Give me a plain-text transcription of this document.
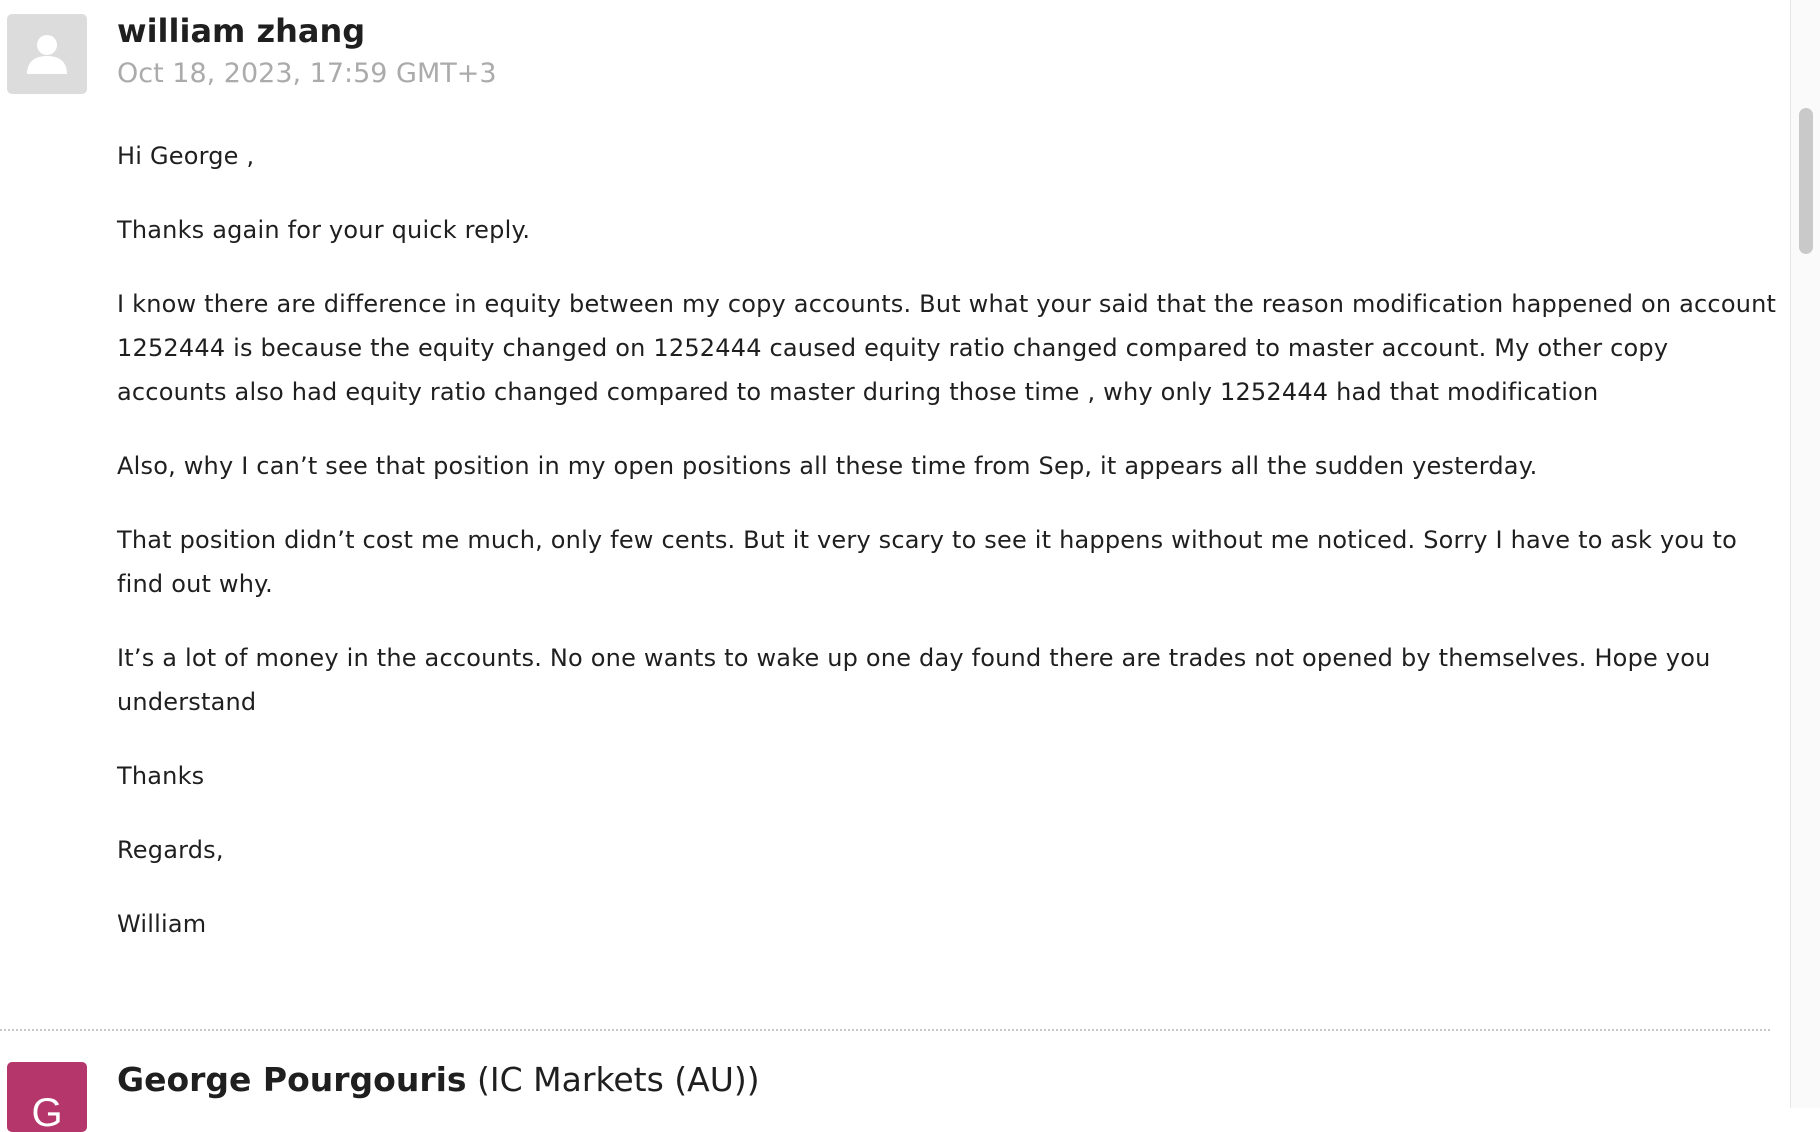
william zhang
Oct 18, 2023, 17:59 GMT+3

Hi George ,

Thanks again for your quick reply.

I know there are difference in equity between my copy accounts. But what your said that the reason modification happened on account 1252444 is because the equity changed on 1252444 caused equity ratio changed compared to master account. My other copy accounts also had equity ratio changed compared to master during those time , why only 1252444 had that modification

Also, why I can’t see that position in my open positions all these time from Sep, it appears all the sudden yesterday.

That position didn’t cost me much, only few cents. But it very scary to see it happens without me noticed. Sorry I have to ask you to find out why.

It’s a lot of money in the accounts. No one wants to wake up one day found there are trades not opened by themselves. Hope you understand

Thanks

Regards,

William

G
George Pourgouris (IC Markets (AU))
